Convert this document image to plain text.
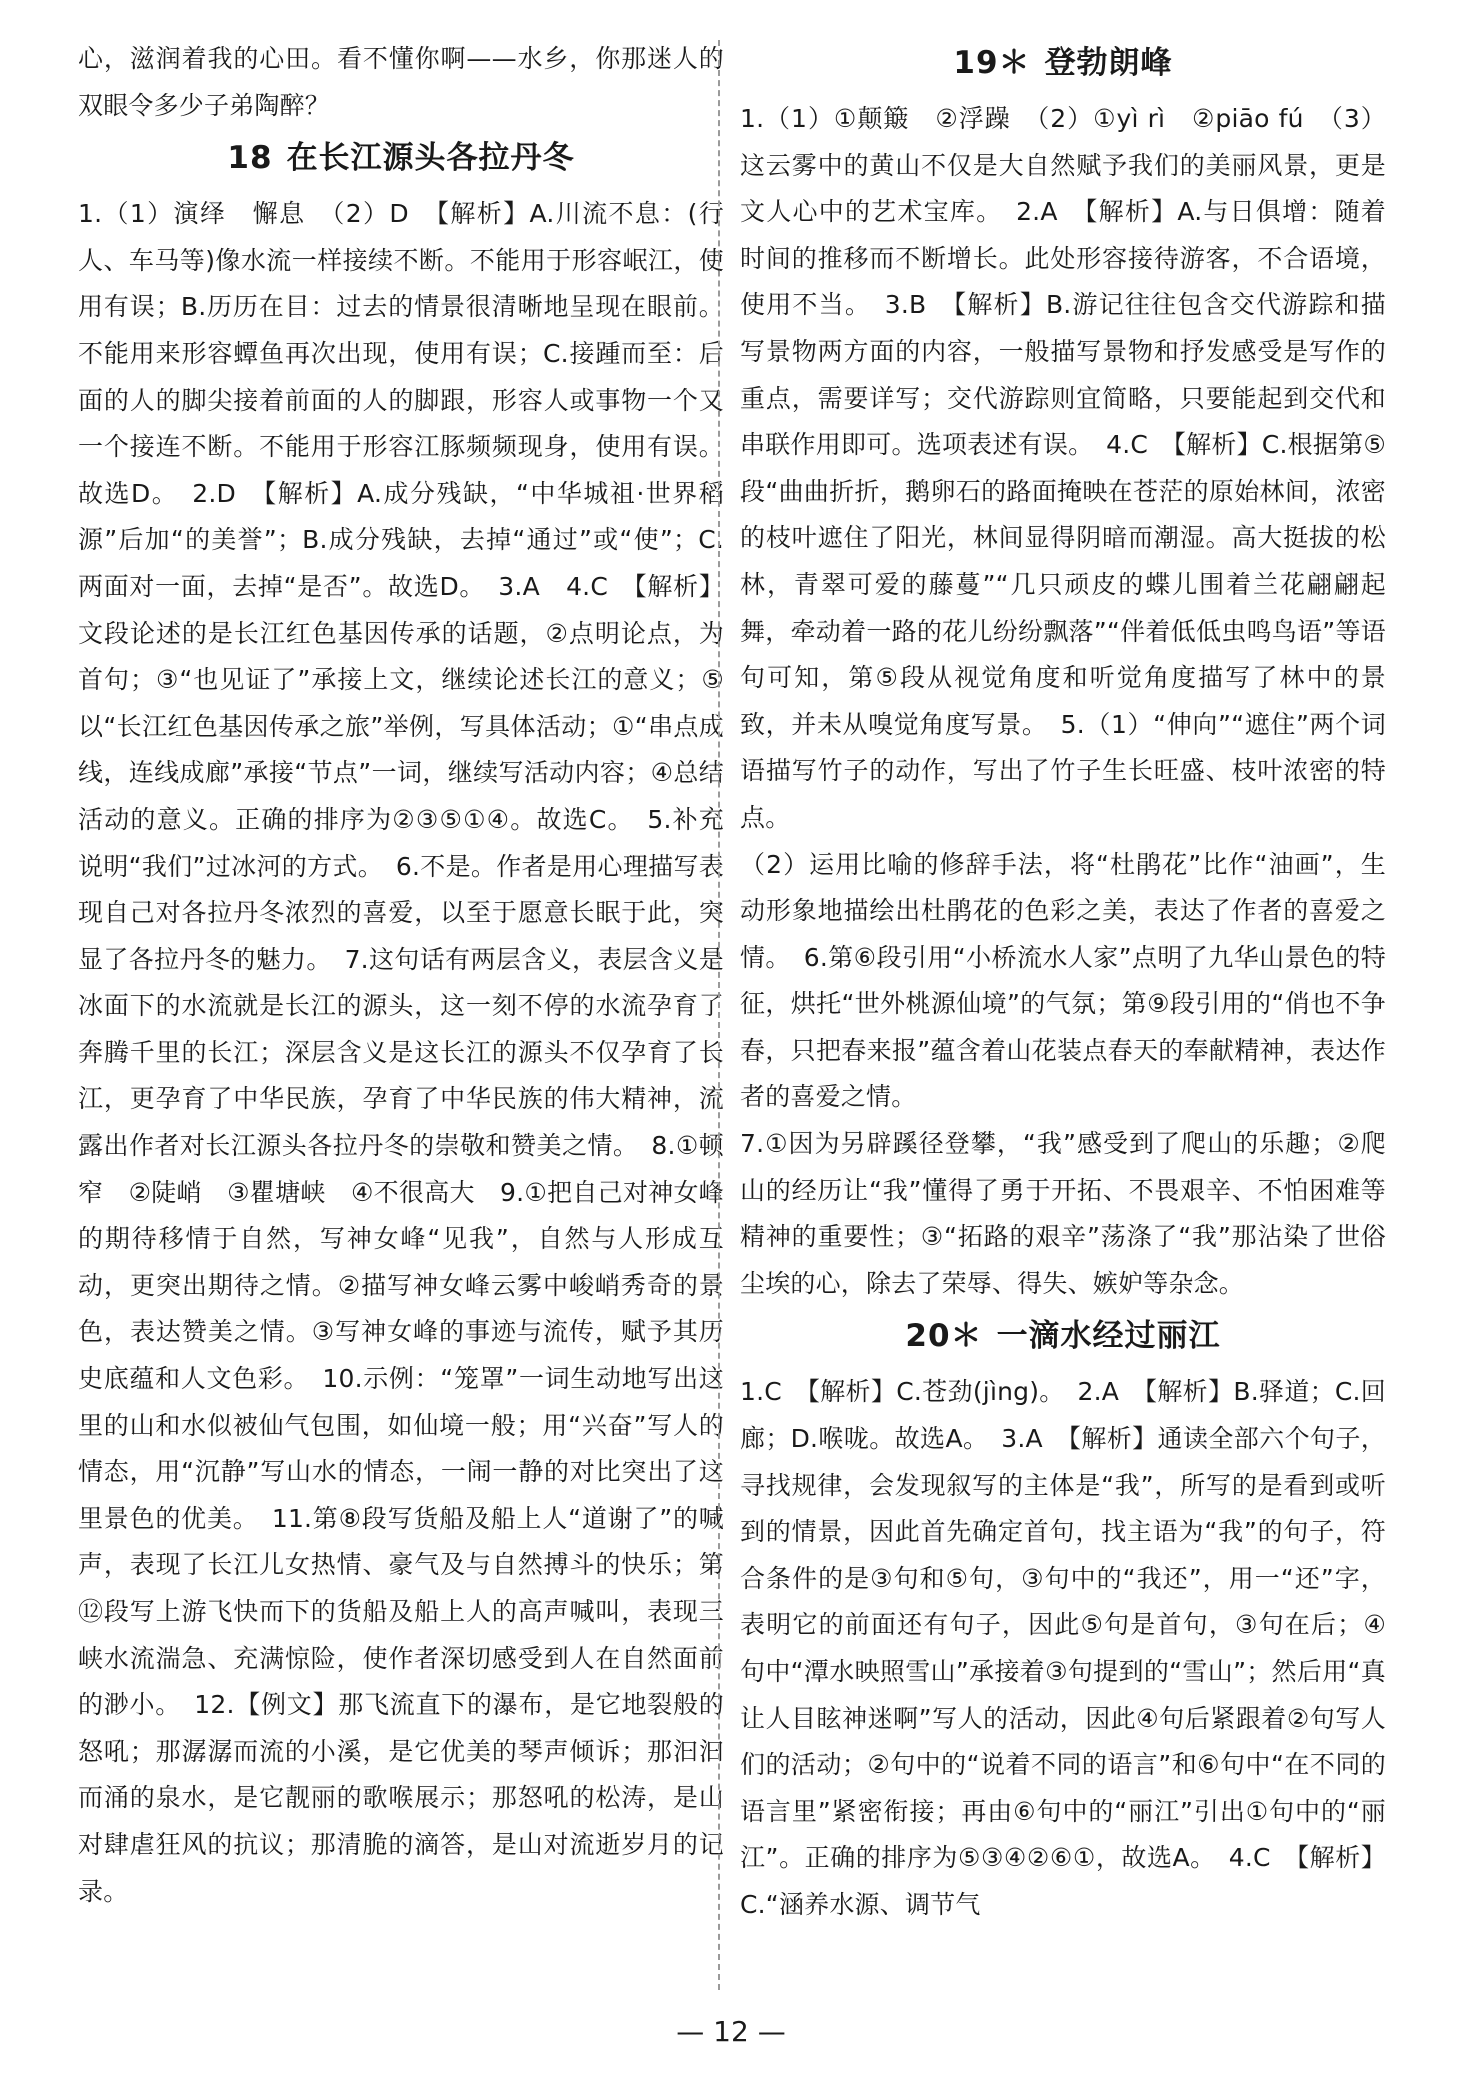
心，滋润着我的心田。看不懂你啊——水乡，你那迷人的双眼令多少子弟陶醉？

18 在长江源头各拉丹冬

1.（1）演绎　懈息　（2）D　【解析】A.川流不息：(行人、车马等)像水流一样接续不断。不能用于形容岷江，使用有误；B.历历在目：过去的情景很清晰地呈现在眼前。不能用来形容蟫鱼再次出现，使用有误；C.接踵而至：后面的人的脚尖接着前面的人的脚跟，形容人或事物一个又一个接连不断。不能用于形容江豚频频现身，使用有误。故选D。　2.D　【解析】A.成分残缺，“中华城祖·世界稻源”后加“的美誉”；B.成分残缺，去掉“通过”或“使”；C.两面对一面，去掉“是否”。故选D。　3.A　4.C　【解析】文段论述的是长江红色基因传承的话题，②点明论点，为首句；③“也见证了”承接上文，继续论述长江的意义；⑤以“长江红色基因传承之旅”举例，写具体活动；①“串点成线，连线成廊”承接“节点”一词，继续写活动内容；④总结活动的意义。正确的排序为②③⑤①④。故选C。　5.补充说明“我们”过冰河的方式。　6.不是。作者是用心理描写表现自己对各拉丹冬浓烈的喜爱，以至于愿意长眠于此，突显了各拉丹冬的魅力。　7.这句话有两层含义，表层含义是冰面下的水流就是长江的源头，这一刻不停的水流孕育了奔腾千里的长江；深层含义是这长江的源头不仅孕育了长江，更孕育了中华民族，孕育了中华民族的伟大精神，流露出作者对长江源头各拉丹冬的崇敬和赞美之情。　8.①顿窄　②陡峭　③瞿塘峡　④不很高大　9.①把自己对神女峰的期待移情于自然，写神女峰“见我”，自然与人形成互动，更突出期待之情。②描写神女峰云雾中峻峭秀奇的景色，表达赞美之情。③写神女峰的事迹与流传，赋予其历史底蕴和人文色彩。　10.示例：“笼罩”一词生动地写出这里的山和水似被仙气包围，如仙境一般；用“兴奋”写人的情态，用“沉静”写山水的情态，一闹一静的对比突出了这里景色的优美。　11.第⑧段写货船及船上人“道谢了”的喊声，表现了长江儿女热情、豪气及与自然搏斗的快乐；第⑫段写上游飞快而下的货船及船上人的高声喊叫，表现三峡水流湍急、充满惊险，使作者深切感受到人在自然面前的渺小。　12.【例文】那飞流直下的瀑布，是它地裂般的怒吼；那潺潺而流的小溪，是它优美的琴声倾诉；那汩汩而涌的泉水，是它靓丽的歌喉展示；那怒吼的松涛，是山对肆虐狂风的抗议；那清脆的滴答，是山对流逝岁月的记录。

19＊ 登勃朗峰

1.（1）①颠簸　②浮躁　（2）①yì rì　②piāo fú　（3）这云雾中的黄山不仅是大自然赋予我们的美丽风景，更是文人心中的艺术宝库。　2.A　【解析】A.与日俱增：随着时间的推移而不断增长。此处形容接待游客，不合语境，使用不当。　3.B　【解析】B.游记往往包含交代游踪和描写景物两方面的内容，一般描写景物和抒发感受是写作的重点，需要详写；交代游踪则宜简略，只要能起到交代和串联作用即可。选项表述有误。　4.C　【解析】C.根据第⑤段“曲曲折折，鹅卵石的路面掩映在苍茫的原始林间，浓密的枝叶遮住了阳光，林间显得阴暗而潮湿。高大挺拔的松林，青翠可爱的藤蔓”“几只顽皮的蝶儿围着兰花翩翩起舞，牵动着一路的花儿纷纷飘落”“伴着低低虫鸣鸟语”等语句可知，第⑤段从视觉角度和听觉角度描写了林中的景致，并未从嗅觉角度写景。　5.（1）“伸向”“遮住”两个词语描写竹子的动作，写出了竹子生长旺盛、枝叶浓密的特点。

（2）运用比喻的修辞手法，将“杜鹃花”比作“油画”，生动形象地描绘出杜鹃花的色彩之美，表达了作者的喜爱之情。　6.第⑥段引用“小桥流水人家”点明了九华山景色的特征，烘托“世外桃源仙境”的气氛；第⑨段引用的“俏也不争春，只把春来报”蕴含着山花装点春天的奉献精神，表达作者的喜爱之情。

7.①因为另辟蹊径登攀，“我”感受到了爬山的乐趣；②爬山的经历让“我”懂得了勇于开拓、不畏艰辛、不怕困难等精神的重要性；③“拓路的艰辛”荡涤了“我”那沾染了世俗尘埃的心，除去了荣辱、得失、嫉妒等杂念。

20＊ 一滴水经过丽江

1.C　【解析】C.苍劲(jìng)。　2.A　【解析】B.驿道；C.回廊；D.喉咙。故选A。　3.A　【解析】通读全部六个句子，寻找规律，会发现叙写的主体是“我”，所写的是看到或听到的情景，因此首先确定首句，找主语为“我”的句子，符合条件的是③句和⑤句，③句中的“我还”，用一“还”字，表明它的前面还有句子，因此⑤句是首句，③句在后；④句中“潭水映照雪山”承接着③句提到的“雪山”；然后用“真让人目眩神迷啊”写人的活动，因此④句后紧跟着②句写人们的活动；②句中的“说着不同的语言”和⑥句中“在不同的语言里”紧密衔接；再由⑥句中的“丽江”引出①句中的“丽江”。正确的排序为⑤③④②⑥①，故选A。　4.C　【解析】C.“涵养水源、调节气

— 12 —
